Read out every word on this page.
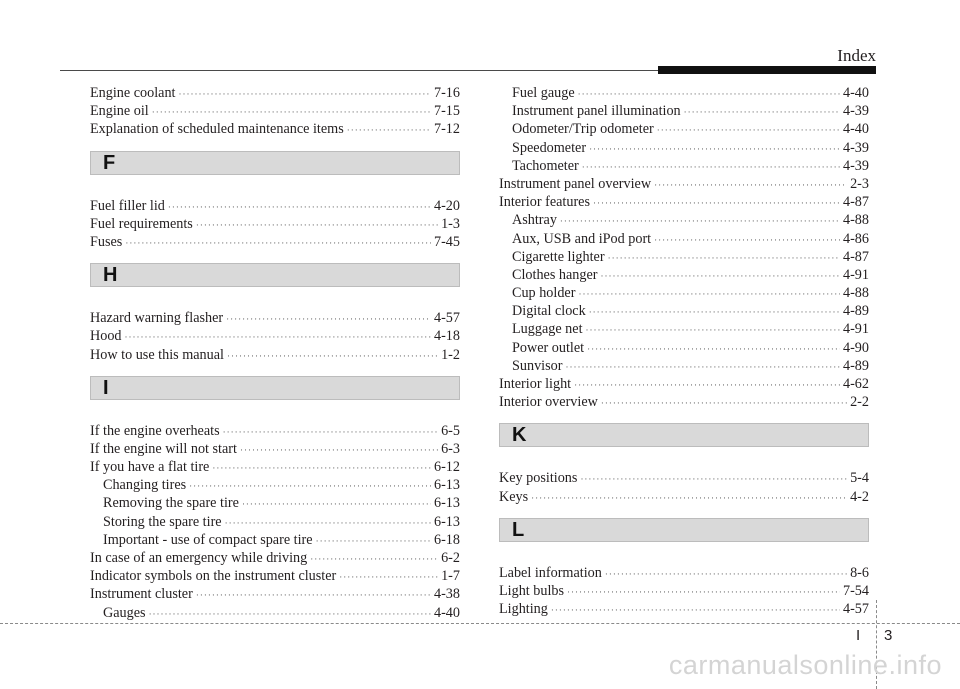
Index
Engine coolant ·····	7-16
Engine oil ·····	7-15
Explanation of scheduled maintenance items ·····	7-12
F
Fuel filler lid ·····	4-20
Fuel requirements ·····	1-3
Fuses ·····	7-45
H
Hazard warning flasher ·····	4-57
Hood ·····	4-18
How to use this manual ·····	1-2
I
If the engine overheats ·····	6-5
If the engine will not start ·····	6-3
If you have a flat tire ·····	6-12
Changing tires ·····	6-13
Removing the spare tire ·····	6-13
Storing the spare tire ·····	6-13
Important - use of compact spare tire ·····	6-18
In case of an emergency while driving ·····	6-2
Indicator symbols on the instrument cluster ·····	1-7
Instrument cluster ·····	4-38
Gauges ·····	4-40
Fuel gauge ·····	4-40
Instrument panel illumination ·····	4-39
Odometer/Trip odometer ·····	4-40
Speedometer ·····	4-39
Tachometer ·····	4-39
Instrument panel overview ·····	2-3
Interior features ·····	4-87
Ashtray ·····	4-88
Aux, USB and iPod port ·····	4-86
Cigarette lighter ·····	4-87
Clothes hanger ·····	4-91
Cup holder ·····	4-88
Digital clock ·····	4-89
Luggage net ·····	4-91
Power outlet ·····	4-90
Sunvisor ·····	4-89
Interior light ·····	4-62
Interior overview ·····	2-2
K
Key positions ·····	5-4
Keys ·····	4-2
L
Label information ·····	8-6
Light bulbs ·····	7-54
Lighting ·····	4-57
I 3
carmanualsonline.info
